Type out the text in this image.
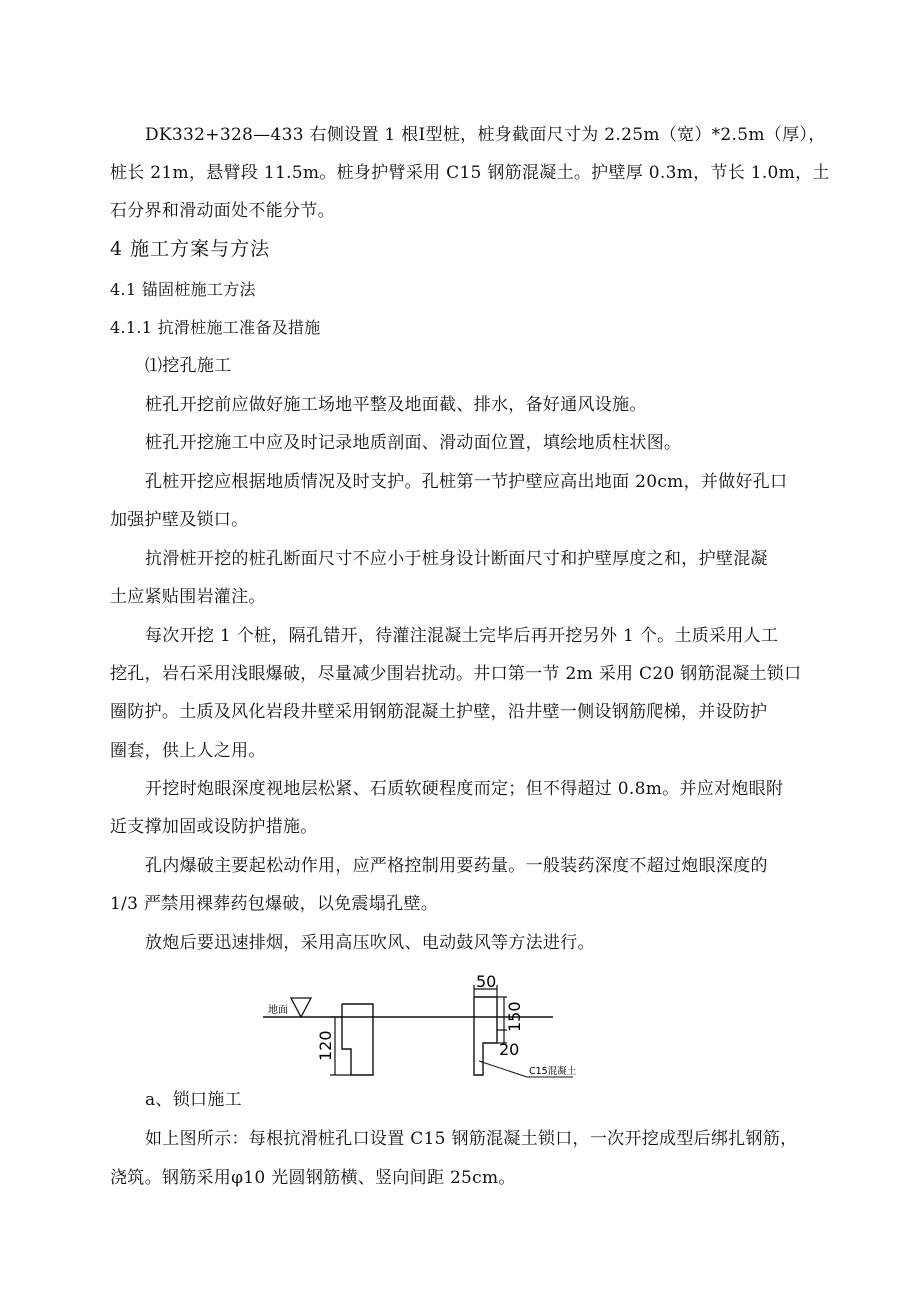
DK332+328—433 右侧设置 1 根Ⅰ型桩，桩身截面尺寸为 2.25m（宽）*2.5m（厚），
桩长 21m，悬臂段 11.5m。桩身护臂采用 C15 钢筋混凝土。护壁厚 0.3m，节长 1.0m，土
石分界和滑动面处不能分节。
4 施工方案与方法
4.1 锚固桩施工方法
4.1.1 抗滑桩施工准备及措施
⑴挖孔施工
桩孔开挖前应做好施工场地平整及地面截、排水，备好通风设施。
桩孔开挖施工中应及时记录地质剖面、滑动面位置，填绘地质柱状图。
孔桩开挖应根据地质情况及时支护。孔桩第一节护壁应高出地面 20cm，并做好孔口
加强护壁及锁口。
抗滑桩开挖的桩孔断面尺寸不应小于桩身设计断面尺寸和护壁厚度之和，护壁混凝
土应紧贴围岩灌注。
每次开挖 1 个桩，隔孔错开，待灌注混凝土完毕后再开挖另外 1 个。土质采用人工
挖孔，岩石采用浅眼爆破，尽量减少围岩扰动。井口第一节 2m 采用 C20 钢筋混凝土锁口
圈防护。土质及风化岩段井壁采用钢筋混凝土护壁，沿井壁一侧设钢筋爬梯，并设防护
圈套，供上人之用。
开挖时炮眼深度视地层松紧、石质软硬程度而定；但不得超过 0.8m。并应对炮眼附
近支撑加固或设防护措施。
孔内爆破主要起松动作用，应严格控制用要药量。一般装药深度不超过炮眼深度的
1/3 严禁用裸葬药包爆破，以免震塌孔壁。
放炮后要迅速排烟，采用高压吹风、电动鼓风等方法进行。
地面
120
50
150
20
C15混凝土
a、锁口施工
如上图所示：每根抗滑桩孔口设置 C15 钢筋混凝土锁口，一次开挖成型后绑扎钢筋，
浇筑。钢筋采用φ10 光圆钢筋横、竖向间距 25cm。
